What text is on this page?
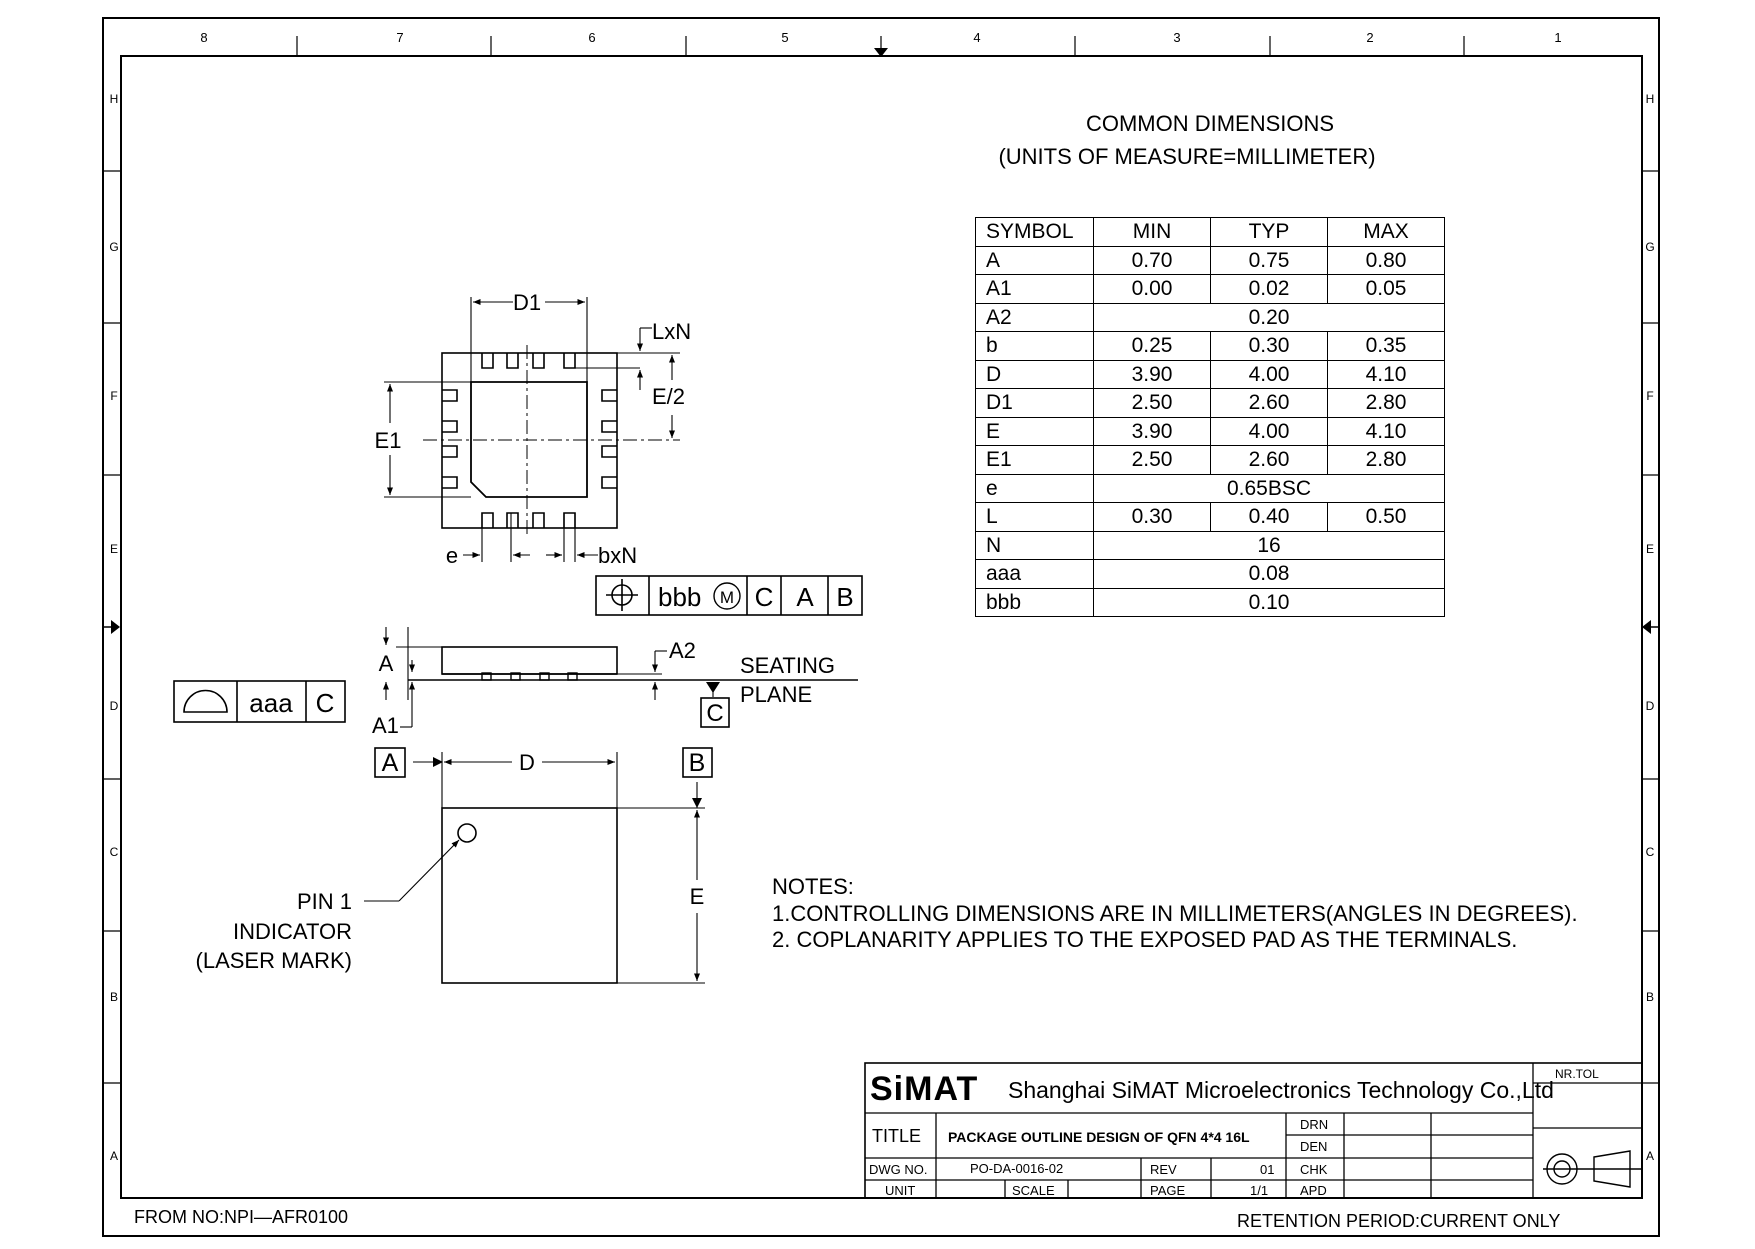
8	7	6	5	4	3	2	1
H
G
F
E
D
C
B
A
H
G
F
E
D
C
B
A
COMMON DIMENSIONS
(UNITS OF MEASURE=MILLIMETER)
D1
LxN
E/2
E1
e	bxN
M
bbb C A B
A
A1
A2
SEATING
PLANE
C
aaa C
D
E
PIN 1
INDICATOR
(LASER MARK)
A	B
NOTES:
1.CONTROLLING DIMENSIONS ARE IN MILLIMETERS(ANGLES IN DEGREES).
2. COPLANARITY APPLIES TO THE EXPOSED PAD AS THE TERMINALS.
SiMAT Shanghai SiMAT Microelectronics Technology Co.,Ltd
NR.TOL
TITLE PACKAGE OUTLINE DESIGN OF QFN 4*4 16L
DRN
DEN
CHK
APD
DWG NO.	PO-DA-0016-02	REV	01
UNIT	SCALE	PAGE	1/1
FROM NO:NPI—AFR0100	RETENTION PERIOD:CURRENT ONLY
SYMBOL	MIN	TYP	MAX
A	0.70	0.75	0.80
A1	0.00	0.02	0.05
A2	0.20		
b	0.25	0.30	0.35
D	3.90	4.00	4.10
D1	2.50	2.60	2.80
E	3.90	4.00	4.10
E1	2.50	2.60	2.80
e	0.65BSC		
L	0.30	0.40	0.50
N	16		
aaa	0.08		
bbb	0.10		
